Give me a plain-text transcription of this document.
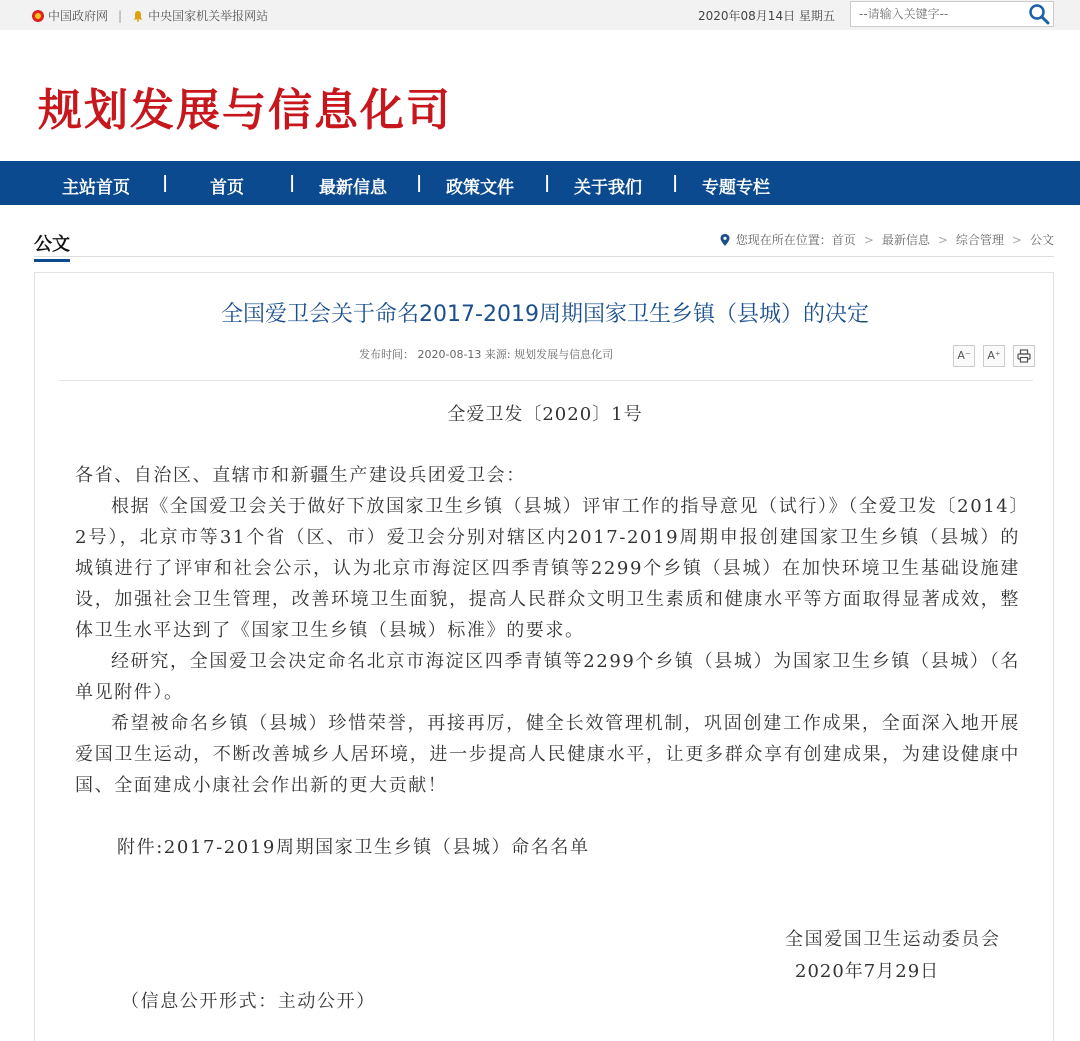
中国政府网 | 中央国家机关举报网站	2020年08月14日 星期五
--请输入关键字--
规划发展与信息化司
主站首页 | 首页	| 最新信息 | 政策文件 | 关于我们 | 专题专栏
公文	您现在所在位置： 首页 > 最新信息 > 综合管理 > 公文
全国爱卫会关于命名2017-2019周期国家卫生乡镇（县城）的决定
发布时间： 2020-08-13 来源: 规划发展与信息化司	A⁻	A⁺
全爱卫发〔2020〕1号

各省、自治区、直辖市和新疆生产建设兵团爱卫会：

根据《全国爱卫会关于做好下放国家卫生乡镇（县城）评审工作的指导意见（试行）》（全爱卫发〔2014〕2号），北京市等31个省（区、市）爱卫会分别对辖区内2017-2019周期申报创建国家卫生乡镇（县城）的城镇进行了评审和社会公示，认为北京市海淀区四季青镇等2299个乡镇（县城）在加快环境卫生基础设施建设，加强社会卫生管理，改善环境卫生面貌，提高人民群众文明卫生素质和健康水平等方面取得显著成效，整体卫生水平达到了《国家卫生乡镇（县城）标准》的要求。

经研究，全国爱卫会决定命名北京市海淀区四季青镇等2299个乡镇（县城）为国家卫生乡镇（县城）（名单见附件）。

希望被命名乡镇（县城）珍惜荣誉，再接再厉，健全长效管理机制，巩固创建工作成果，全面深入地开展爱国卫生运动，不断改善城乡人居环境，进一步提高人民健康水平，让更多群众享有创建成果，为建设健康中国、全面建成小康社会作出新的更大贡献！

附件:2017-2019周期国家卫生乡镇（县城）命名名单
全国爱国卫生运动委员会
2020年7月29日
（信息公开形式：主动公开）
